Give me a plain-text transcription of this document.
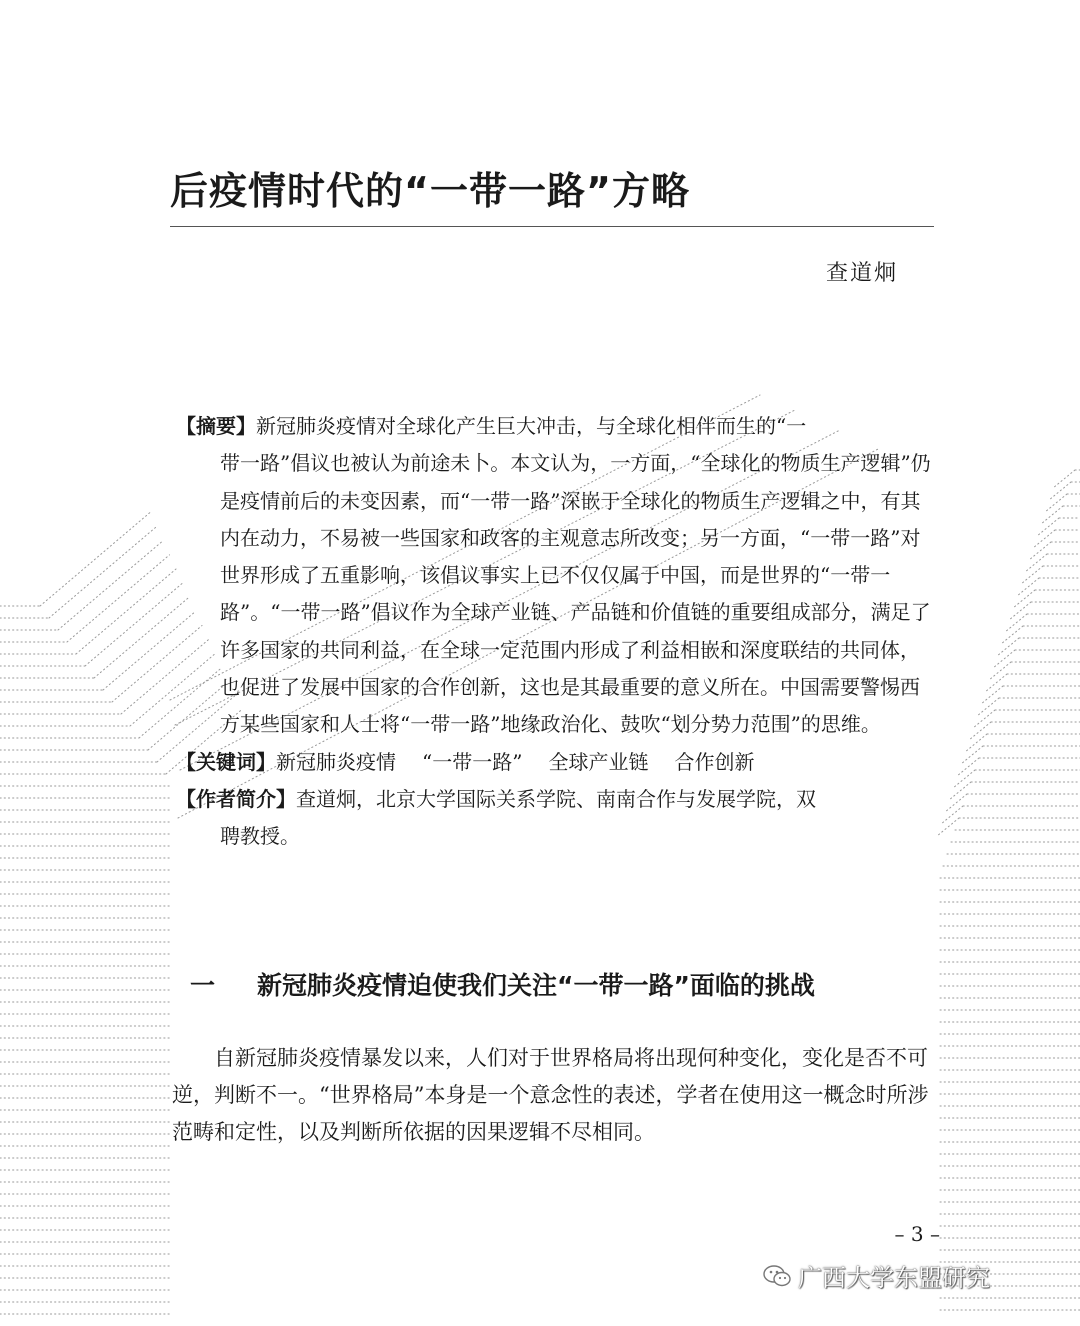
后疫情时代的“一带一路”方略
查道炯

【摘要】新冠肺炎疫情对全球化产生巨大冲击，与全球化相伴而生的“一

带一路”倡议也被认为前途未卜。本文认为，一方面，“全球化的物质生产逻辑”仍是疫情前后的未变因素，而“一带一路”深嵌于全球化的物质生产逻辑之中，有其内在动力，不易被一些国家和政客的主观意志所改变；另一方面，“一带一路”对世界形成了五重影响，该倡议事实上已不仅仅属于中国，而是世界的“一带一路”。“一带一路”倡议作为全球产业链、产品链和价值链的重要组成部分，满足了许多国家的共同利益，在全球一定范围内形成了利益相嵌和深度联结的共同体，也促进了发展中国家的合作创新，这也是其最重要的意义所在。中国需要警惕西方某些国家和人士将“一带一路”地缘政治化、鼓吹“划分势力范围”的思维。

【关键词】新冠肺炎疫情 “一带一路” 全球产业链 合作创新

【作者简介】查道炯，北京大学国际关系学院、南南合作与发展学院，双

聘教授。

一 新冠肺炎疫情迫使我们关注“一带一路”面临的挑战

自新冠肺炎疫情暴发以来，人们对于世界格局将出现何种变化，变化是否不可逆，判断不一。“世界格局”本身是一个意念性的表述，学者在使用这一概念时所涉范畴和定性，以及判断所依据的因果逻辑不尽相同。

– 3 –
广西大学东盟研究
